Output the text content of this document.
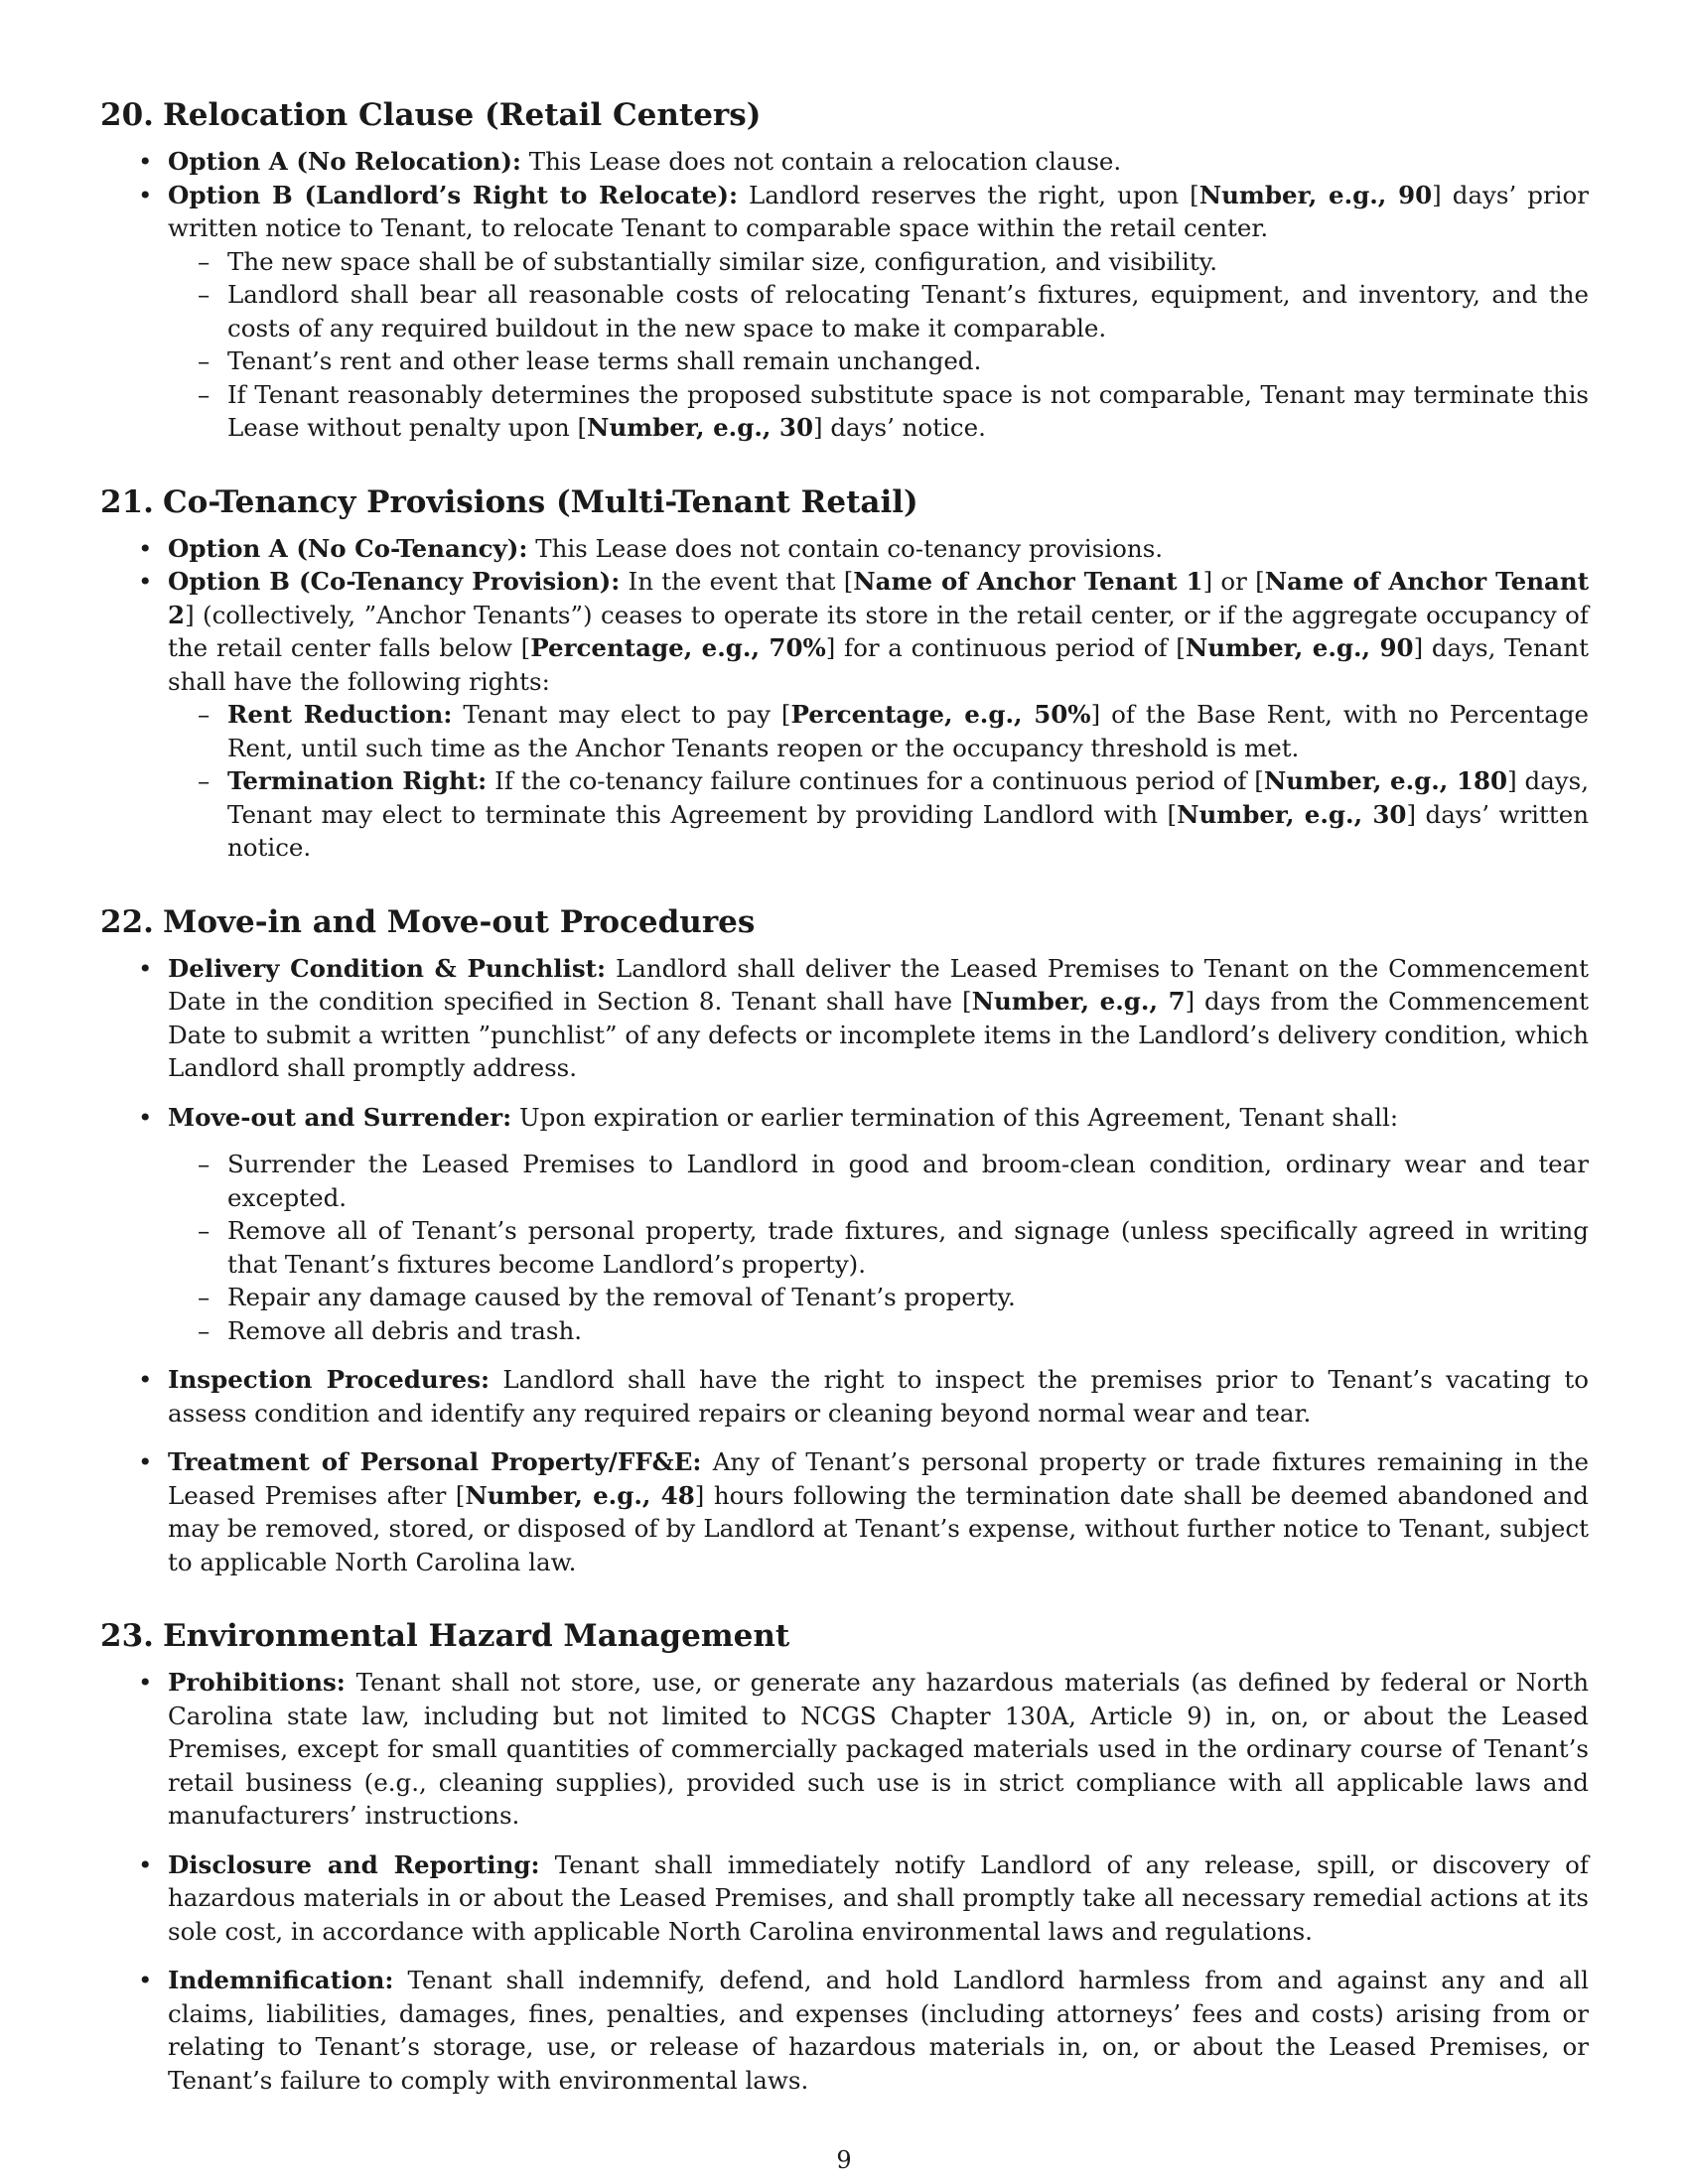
20. Relocation Clause (Retail Centers)
• Option A (No Relocation): This Lease does not contain a relocation clause.
• Option B (Landlord’s Right to Relocate): Landlord reserves the right, upon [Number, e.g., 90] days’ prior written notice to Tenant, to relocate Tenant to comparable space within the retail center.
– The new space shall be of substantially similar size, configuration, and visibility.
– Landlord shall bear all reasonable costs of relocating Tenant’s fixtures, equipment, and inventory, and the costs of any required buildout in the new space to make it comparable.
– Tenant’s rent and other lease terms shall remain unchanged.
– If Tenant reasonably determines the proposed substitute space is not comparable, Tenant may terminate this Lease without penalty upon [Number, e.g., 30] days’ notice.
21. Co-Tenancy Provisions (Multi-Tenant Retail)
• Option A (No Co-Tenancy): This Lease does not contain co-tenancy provisions.
• Option B (Co-Tenancy Provision): In the event that [Name of Anchor Tenant 1] or [Name of Anchor Tenant 2] (collectively, ”Anchor Tenants”) ceases to operate its store in the retail center, or if the aggregate occupancy of the retail center falls below [Percentage, e.g., 70%] for a continuous period of [Number, e.g., 90] days, Tenant shall have the following rights:
– Rent Reduction: Tenant may elect to pay [Percentage, e.g., 50%] of the Base Rent, with no Percentage Rent, until such time as the Anchor Tenants reopen or the occupancy threshold is met.
– Termination Right: If the co-tenancy failure continues for a continuous period of [Number, e.g., 180] days, Tenant may elect to terminate this Agreement by providing Landlord with [Number, e.g., 30] days’ written notice.
22. Move-in and Move-out Procedures
• Delivery Condition & Punchlist: Landlord shall deliver the Leased Premises to Tenant on the Commencement Date in the condition specified in Section 8. Tenant shall have [Number, e.g., 7] days from the Commencement Date to submit a written ”punchlist” of any defects or incomplete items in the Landlord’s delivery condition, which Landlord shall promptly address.
• Move-out and Surrender: Upon expiration or earlier termination of this Agreement, Tenant shall:
– Surrender the Leased Premises to Landlord in good and broom-clean condition, ordinary wear and tear excepted.
– Remove all of Tenant’s personal property, trade fixtures, and signage (unless specifically agreed in writing that Tenant’s fixtures become Landlord’s property).
– Repair any damage caused by the removal of Tenant’s property.
– Remove all debris and trash.
• Inspection Procedures: Landlord shall have the right to inspect the premises prior to Tenant’s vacating to assess condition and identify any required repairs or cleaning beyond normal wear and tear.
• Treatment of Personal Property/FF&E: Any of Tenant’s personal property or trade fixtures remaining in the Leased Premises after [Number, e.g., 48] hours following the termination date shall be deemed abandoned and may be removed, stored, or disposed of by Landlord at Tenant’s expense, without further notice to Tenant, subject to applicable North Carolina law.
23. Environmental Hazard Management
• Prohibitions: Tenant shall not store, use, or generate any hazardous materials (as defined by federal or North Carolina state law, including but not limited to NCGS Chapter 130A, Article 9) in, on, or about the Leased Premises, except for small quantities of commercially packaged materials used in the ordinary course of Tenant’s retail business (e.g., cleaning supplies), provided such use is in strict compliance with all applicable laws and manufacturers’ instructions.
• Disclosure and Reporting: Tenant shall immediately notify Landlord of any release, spill, or discovery of hazardous materials in or about the Leased Premises, and shall promptly take all necessary remedial actions at its sole cost, in accordance with applicable North Carolina environmental laws and regulations.
• Indemnification: Tenant shall indemnify, defend, and hold Landlord harmless from and against any and all claims, liabilities, damages, fines, penalties, and expenses (including attorneys’ fees and costs) arising from or relating to Tenant’s storage, use, or release of hazardous materials in, on, or about the Leased Premises, or Tenant’s failure to comply with environmental laws.
9
